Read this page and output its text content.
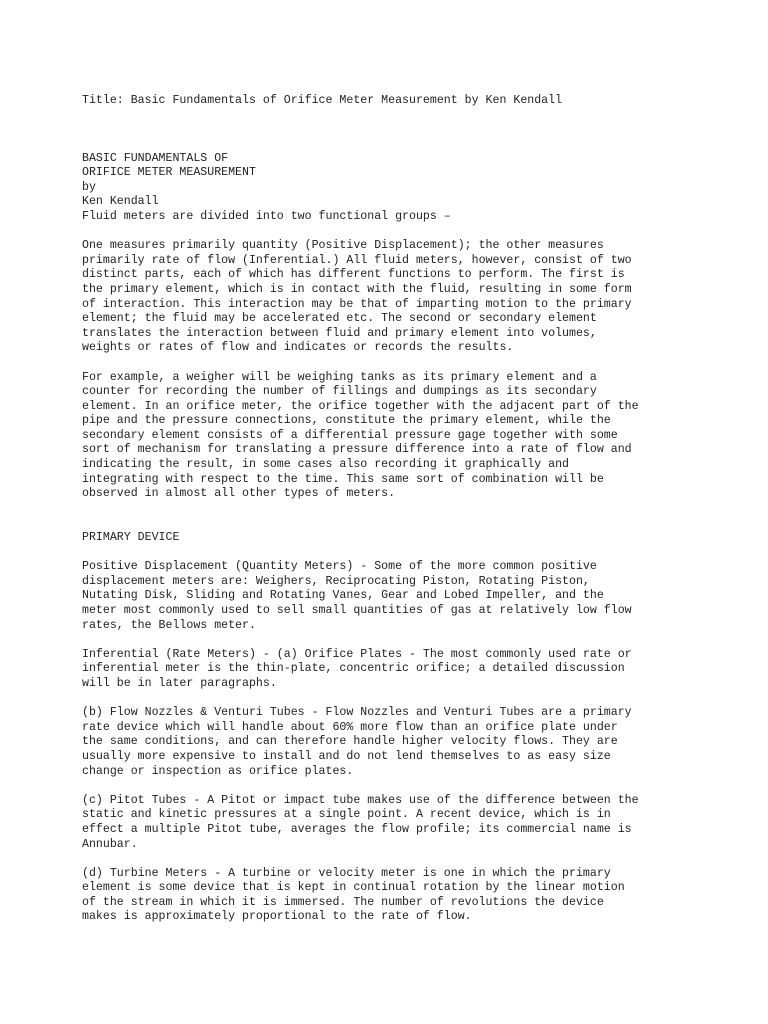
Title: Basic Fundamentals of Orifice Meter Measurement by Ken Kendall
BASIC FUNDAMENTALS OF
ORIFICE METER MEASUREMENT
by
Ken Kendall
Fluid meters are divided into two functional groups –
One measures primarily quantity (Positive Displacement); the other measures
primarily rate of flow (Inferential.) All fluid meters, however, consist of two
distinct parts, each of which has different functions to perform. The first is
the primary element, which is in contact with the fluid, resulting in some form
of interaction. This interaction may be that of imparting motion to the primary
element; the fluid may be accelerated etc. The second or secondary element
translates the interaction between fluid and primary element into volumes,
weights or rates of flow and indicates or records the results.
For example, a weigher will be weighing tanks as its primary element and a
counter for recording the number of fillings and dumpings as its secondary
element. In an orifice meter, the orifice together with the adjacent part of the
pipe and the pressure connections, constitute the primary element, while the
secondary element consists of a differential pressure gage together with some
sort of mechanism for translating a pressure difference into a rate of flow and
indicating the result, in some cases also recording it graphically and
integrating with respect to the time. This same sort of combination will be
observed in almost all other types of meters.
PRIMARY DEVICE
Positive Displacement (Quantity Meters) - Some of the more common positive
displacement meters are: Weighers, Reciprocating Piston, Rotating Piston,
Nutating Disk, Sliding and Rotating Vanes, Gear and Lobed Impeller, and the
meter most commonly used to sell small quantities of gas at relatively low flow
rates, the Bellows meter.
Inferential (Rate Meters) - (a) Orifice Plates - The most commonly used rate or
inferential meter is the thin-plate, concentric orifice; a detailed discussion
will be in later paragraphs.
(b) Flow Nozzles & Venturi Tubes - Flow Nozzles and Venturi Tubes are a primary
rate device which will handle about 60% more flow than an orifice plate under
the same conditions, and can therefore handle higher velocity flows. They are
usually more expensive to install and do not lend themselves to as easy size
change or inspection as orifice plates.
(c) Pitot Tubes - A Pitot or impact tube makes use of the difference between the
static and kinetic pressures at a single point. A recent device, which is in
effect a multiple Pitot tube, averages the flow profile; its commercial name is
Annubar.
(d) Turbine Meters - A turbine or velocity meter is one in which the primary
element is some device that is kept in continual rotation by the linear motion
of the stream in which it is immersed. The number of revolutions the device
makes is approximately proportional to the rate of flow.
